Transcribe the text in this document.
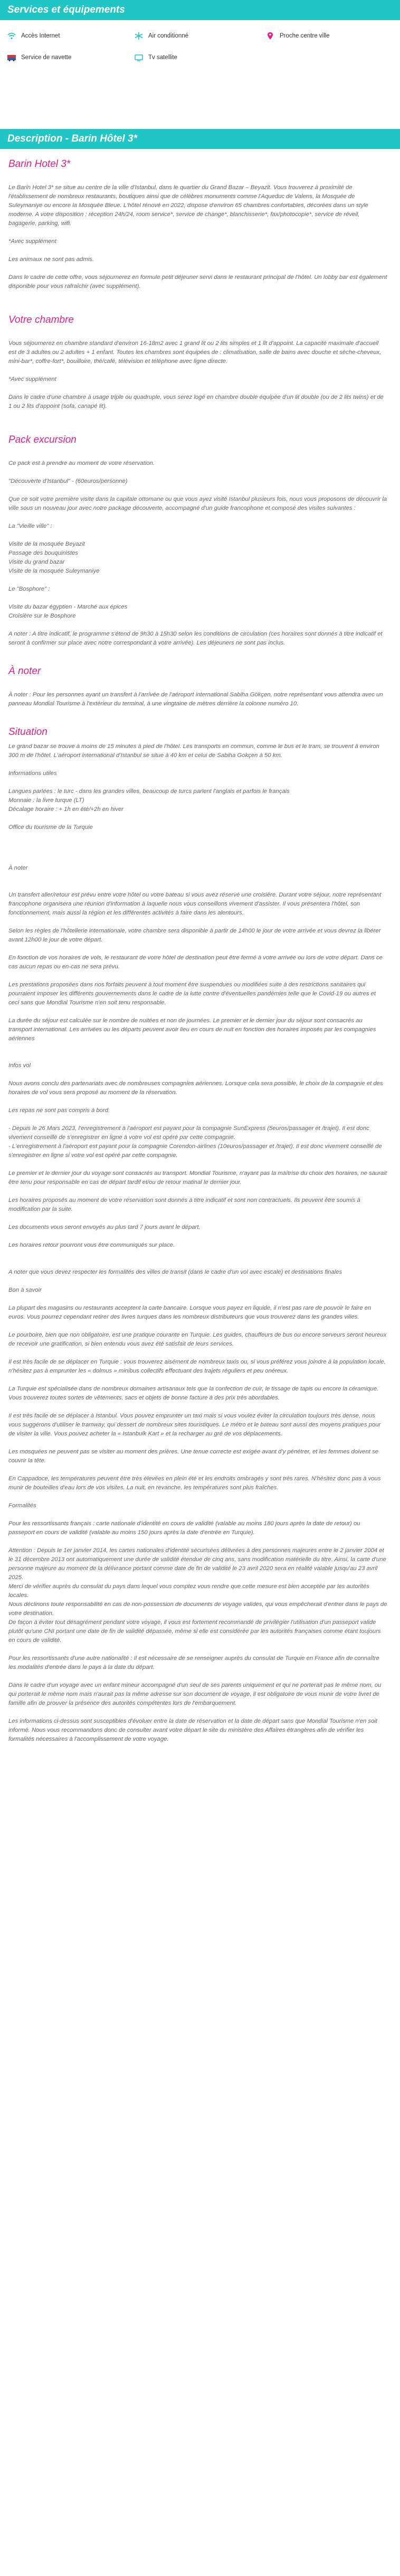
Services et équipements
Accès Internet	Air conditionné	Proche centre ville
Service de navette	Tv satellite
Description - Barin Hôtel 3*
Barin Hotel 3*

Le Barin Hotel 3* se situe au centre de la ville d'Istanbul, dans le quartier du Grand Bazar – Beyazit. Vous trouverez à proximité de l'établissement de nombreux restaurants, boutiques ainsi que de célèbres monuments comme l'Aqueduc de Valens, la Mosquée de Suleymaniye ou encore la Mosquée Bleue. L'hôtel rénové en 2022, dispose d'environ 65 chambres confortables, décorées dans un style moderne. A votre disposition : réception 24h/24, room service*, service de change*, blanchisserie*, fax/photocopie*, service de réveil, bagagerie, parking, wifi.

*Avec supplément

Les animaux ne sont pas admis.

Dans le cadre de cette offre, vous séjournerez en formule petit déjeuner servi dans le restaurant principal de l'hôtel. Un lobby bar est également disponible pour vous rafraîchir (avec supplément).

Votre chambre

Vous séjournerez en chambre standard d'environ 16-18m2 avec 1 grand lit ou 2 lits simples et 1 lit d'appoint. La capacité maximale d'accueil est de 3 adultes ou 2 adultes + 1 enfant. Toutes les chambres sont équipées de : climatisation, salle de bains avec douche et sèche-cheveux, mini-bar*, coffre-fort*, bouilloire, thé/café, télévision et téléphone avec ligne directe.

*Avec supplément

Dans le cadre d'une chambre à usage triple ou quadruple, vous serez logé en chambre double équipée d'un lit double (ou de 2 lits twins) et de 1 ou 2 lits d'appoint (sofa, canapé lit).

Pack excursion

Ce pack est à prendre au moment de votre réservation.

"Découverte d'Istanbul" - (60euros/personne)

Que ce soit votre première visite dans la capitale ottomane ou que vous ayez visité Istanbul plusieurs fois, nous vous proposons de découvrir la ville sous un nouveau jour avec notre package découverte, accompagné d'un guide francophone et composé des visites suivantes :

La "Vieille ville" :

Visite de la mosquée Beyazit

Passage des bouquinistes

Visite du grand bazar

Visite de la mosquée Suleymaniye

Le "Bosphore" :

Visite du bazar égyptien - Marché aux épices

Croisière sur le Bosphore

A noter : A titre indicatif, le programme s'étend de 9h30 à 15h30 selon les conditions de circulation (ces horaires sont donnés à titre indicatif et seront à confirmer sur place avec notre correspondant à votre arrivée). Les déjeuners ne sont pas inclus.

À noter

À noter : Pour les personnes ayant un transfert à l'arrivée de l'aéroport international Sabiha Gökçen, notre représentant vous attendra avec un panneau Mondial Tourisme à l'extérieur du terminal, à une vingtaine de mètres derrière la colonne numéro 10.

Situation

Le grand bazar se trouve à moins de 15 minutes à pied de l'hôtel. Les transports en commun, comme le bus et le tram, se trouvent à environ 300 m de l'hôtel. L'aéroport international d'Istanbul se situe à 40 km et celui de Sabiha Gokçen à 50 km.

Informations utiles

Langues parlées : le turc - dans les grandes villes, beaucoup de turcs parlent l'anglais et parfois le français

Monnaie : la livre turque (LT)

Décalage horaire : + 1h en été/+2h en hiver

Office du tourisme de la Turquie

À noter

Un transfert aller/retour est prévu entre votre hôtel ou votre bateau si vous avez réservé une croisière. Durant votre séjour, notre représentant francophone organisera une réunion d'information à laquelle nous vous conseillons vivement d'assister. Il vous présentera l'hôtel, son fonctionnement, mais aussi la région et les différentes activités à faire dans les alentours.

Selon les règles de l'hôtellerie internationale, votre chambre sera disponible à partir de 14h00 le jour de votre arrivée et vous devrez la libérer avant 12h00 le jour de votre départ.

En fonction de vos horaires de vols, le restaurant de votre hôtel de destination peut être fermé à votre arrivée ou lors de votre départ. Dans ce cas aucun repas ou en-cas ne sera prévu.

Les prestations proposées dans nos forfaits peuvent à tout moment être suspendues ou modifiées suite à des restrictions sanitaires qui pourraient imposer les différents gouvernements dans le cadre de la lutte contre d'éventuelles pandémies telle que le Covid-19 ou autres et ceci sans que Mondial Tourisme n'en soit tenu responsable.

La durée du séjour est calculée sur le nombre de nuitées et non de journées. Le premier et le dernier jour du séjour sont consacrés au transport international. Les arrivées ou les départs peuvent avoir lieu en cours de nuit en fonction des horaires imposés par les compagnies aériennes

Infos vol

Nous avons conclu des partenariats avec de nombreuses compagnies aériennes. Lorsque cela sera possible, le choix de la compagnie et des horaires de vol vous sera proposé au moment de la réservation.

Les repas ne sont pas compris à bord.

- Depuis le 26 Mars 2023, l'enregistrement à l'aéroport est payant pour la compagnie SunExpress (5euros/passager et /trajet). Il est donc vivement conseillé de s'enregistrer en ligne à votre vol est opéré par cette compagnie.

- L'enregistrement à l'aéroport est payant pour la compagnie Corendon-airlines (10euros/passager et /trajet). Il est donc vivement conseillé de s'enregistrer en ligne si votre vol est opéré par cette compagnie.

Le premier et le dernier jour du voyage sont consacrés au transport. Mondial Tourisme, n'ayant pas la maîtrise du choix des horaires, ne saurait être tenu pour responsable en cas de départ tardif et/ou de retour matinal le dernier jour.

Les horaires proposés au moment de votre réservation sont donnés à titre indicatif et sont non contractuels. Ils peuvent être soumis à modification par la suite.

Les documents vous seront envoyés au plus tard 7 jours avant le départ.

Les horaires retour pourront vous être communiqués sur place.

A noter que vous devez respecter les formalités des villes de transit (dans le cadre d'un vol avec escale) et destinations finales

Bon à savoir

La plupart des magasins ou restaurants acceptent la carte bancaire. Lorsque vous payez en liquide, il n'est pas rare de pouvoir le faire en euros. Vous pourrez cependant retirer des livres turques dans les nombreux distributeurs que vous trouverez dans les grandes villes.

Le pourboire, bien que non obligatoire, est une pratique courante en Turquie. Les guides, chauffeurs de bus ou encore serveurs seront heureux de recevoir une gratification, si bien entendu vous avez été satisfait de leurs services.

Il est très facile de se déplacer en Turquie : vous trouverez aisément de nombreux taxis ou, si vous préférez vous joindre à la population locale, n'hésitez pas à emprunter les « dolmus » minibus collectifs effectuant des trajets réguliers et peu onéreux.

La Turquie est spécialisée dans de nombreux domaines artisanaux tels que la confection de cuir, le tissage de tapis ou encore la céramique. Vous trouverez toutes sortes de vêtements, sacs et objets de bonne facture à des prix très abordables.

Il est très facile de se déplacer à Istanbul. Vous pouvez emprunter un taxi mais si vous voulez éviter la circulation toujours très dense, nous vous suggérons d'utiliser le tramway, qui dessert de nombreux sites touristiques. Le métro et le bateau sont aussi des moyens pratiques pour de visiter la ville. Vous pouvez acheter la « Istanbulk Kart » et la recharger au gré de vos déplacements.

Les mosquées ne peuvent pas se visiter au moment des prières. Une tenue correcte est exigée avant d'y pénétrer, et les femmes doivent se couvrir la tête.

En Cappadoce, les températures peuvent être très élevées en plein été et les endroits ombragés y sont très rares. N'hésitez donc pas à vous munir de bouteilles d'eau lors de vos visites. La nuit, en revanche, les températures sont plus fraîches.

Formalités

Pour les ressortissants français : carte nationale d'identité en cours de validité (valable au moins 180 jours après la date de retour) ou passeport en cours de validité (valable au moins 150 jours après la date d'entrée en Turquie).

Attention : Depuis le 1er janvier 2014, les cartes nationales d'identité sécurisées délivrées à des personnes majeures entre le 2 janvier 2004 et le 31 décembre 2013 ont automatiquement une durée de validité étendue de cinq ans, sans modification matérielle du titre. Ainsi, la carte d'une personne majeure au moment de la délivrance portant comme date de fin de validité le 23 avril 2020 sera en réalité valable jusqu'au 23 avril 2025.

Merci de vérifier auprès du consulat du pays dans lequel vous comptez vous rendre que cette mesure est bien acceptée par les autorités locales.

Nous déclinons toute responsabilité en cas de non-possession de documents de voyage valides, qui vous empêcherait d'entrer dans le pays de votre destination.

De façon à éviter tout désagrément pendant votre voyage, il vous est fortement recommandé de privilégier l'utilisation d'un passeport valide plutôt qu'une CNI portant une date de fin de validité dépassée, même si elle est considérée par les autorités françaises comme étant toujours en cours de validité.

Pour les ressortissants d'une autre nationalité : Il est nécessaire de se renseigner auprès du consulat de Turquie en France afin de connaître les modalités d'entrée dans le pays à la date du départ.

Dans le cadre d'un voyage avec un enfant mineur accompagné d'un seul de ses parents uniquement et qui ne porterait pas le même nom, ou qui porterait le même nom mais n'aurait pas la même adresse sur son document de voyage, il est obligatoire de vous munir de votre livret de famille afin de prouver la présence des autorités compétentes lors de l'embarquement.

Les informations ci-dessus sont susceptibles d'évoluer entre la date de réservation et la date de départ sans que Mondial Tourisme n'en soit informé. Nous vous recommandons donc de consulter avant votre départ le site du ministère des Affaires étrangères afin de vérifier les formalités nécessaires à l'accomplissement de votre voyage.
